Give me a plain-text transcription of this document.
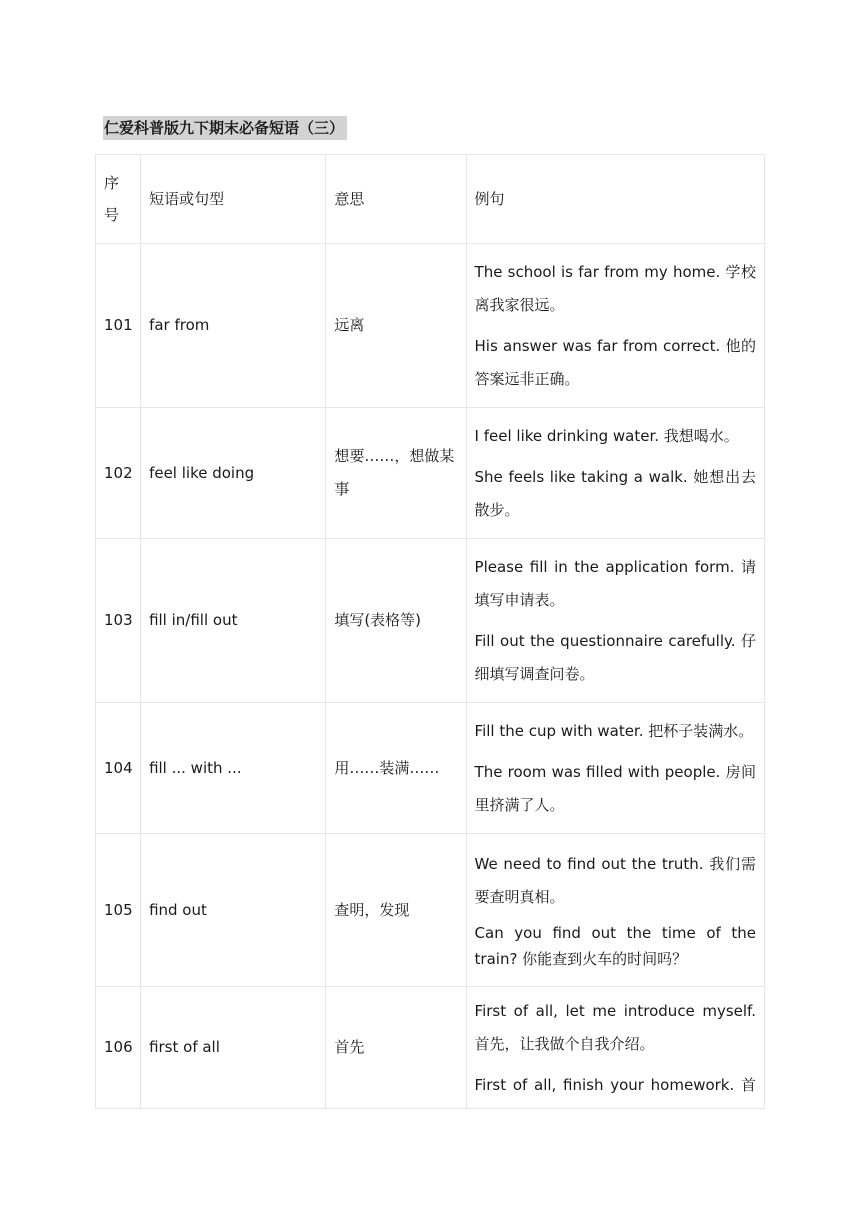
仁爱科普版九下期末必备短语（三）
序
号	短语或句型	意思	例句
101	far from	远离	The school is far from my home. 学校离我家很远。

His answer was far from correct. 他的答案远非正确。

102	feel like doing	想要……，想做某事	I feel like drinking water. 我想喝水。

She feels like taking a walk. 她想出去散步。

103	fill in/fill out	填写(表格等)	Please fill in the application form. 请填写申请表。

Fill out the questionnaire carefully. 仔细填写调查问卷。

104	fill ... with ...	用……装满……	Fill the cup with water. 把杯子装满水。

The room was filled with people. 房间里挤满了人。

105	find out	查明，发现	We need to find out the truth. 我们需要查明真相。

Can you find out the time of the train? 你能查到火车的时间吗？

106	first of all	首先	First of all, let me introduce myself. 首先，让我做个自我介绍。

First of all, finish your homework. 首
